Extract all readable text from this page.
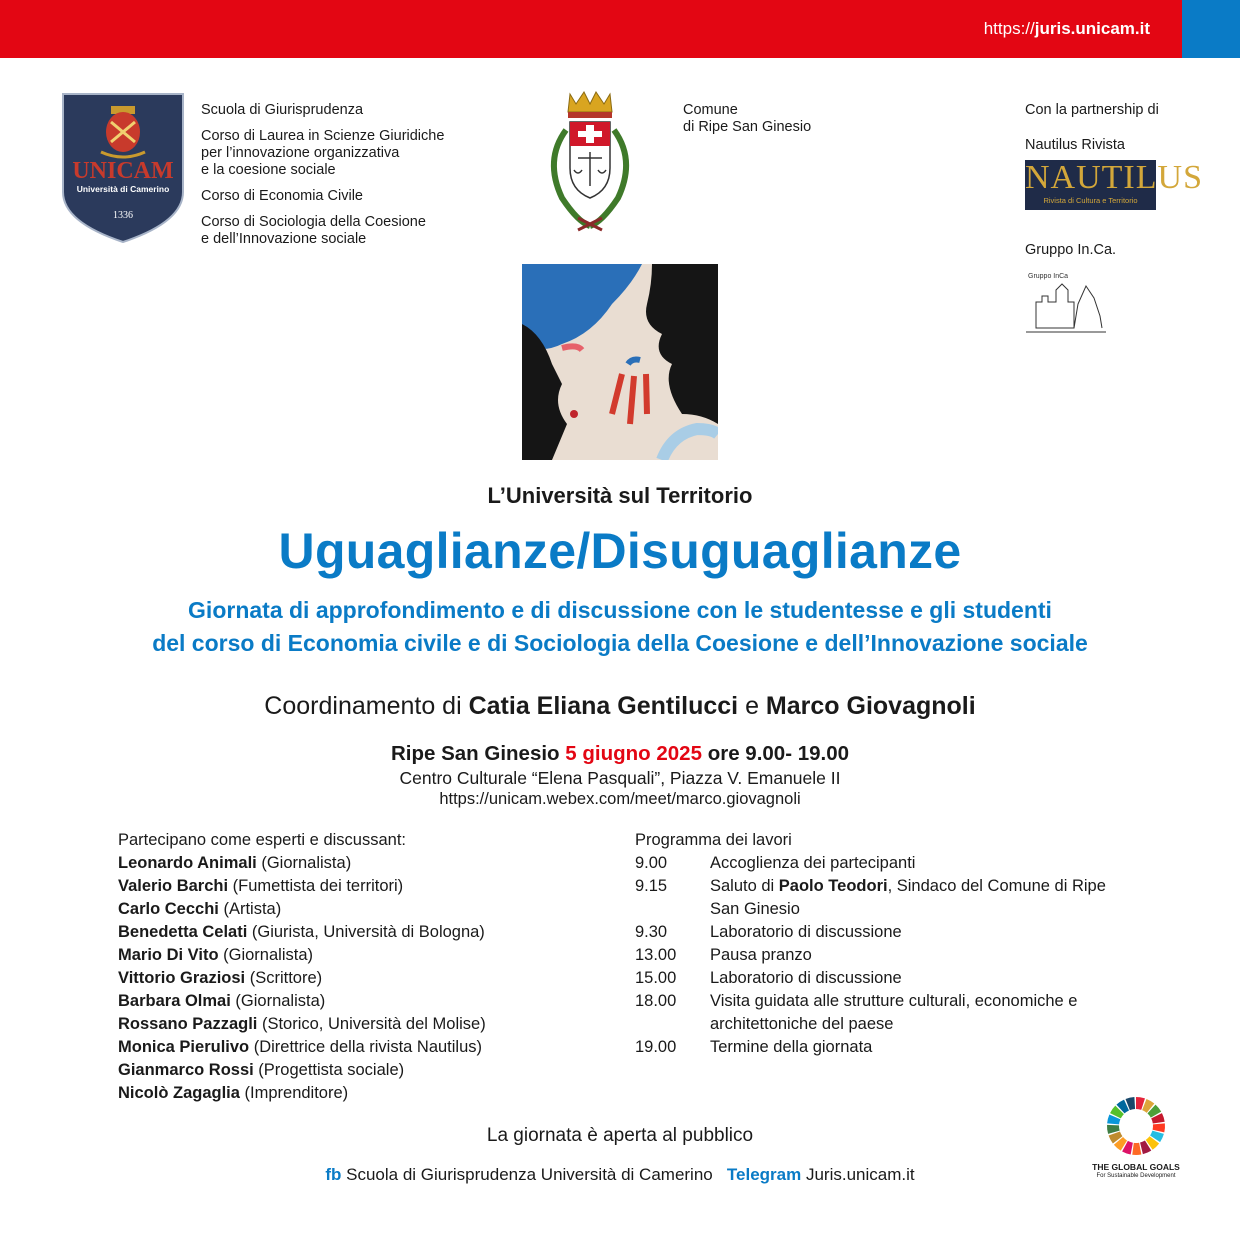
https://juris.unicam.it
UNICAM
Università di Camerino
1336

Scuola di Giurisprudenza

Corso di Laurea in Scienze Giuridiche
per l’innovazione organizzativa
e la coesione sociale

Corso di Economia Civile

Corso di Sociologia della Coesione
e dell’Innovazione sociale

Comune
di Ripe San Ginesio
Con la partnership di
Nautilus Rivista
NAUTILUS
Rivista di Cultura e Territorio
Gruppo In.Ca.
Gruppo InCa
L’Università sul Territorio
Uguaglianze/Disuguaglianze
Giornata di approfondimento e di discussione con le studentesse e gli studenti
del corso di Economia civile e di Sociologia della Coesione e dell’Innovazione sociale
Coordinamento di Catia Eliana Gentilucci e Marco Giovagnoli
Ripe San Ginesio 5 giugno 2025 ore 9.00- 19.00
Centro Culturale “Elena Pasquali”, Piazza V. Emanuele II
https://unicam.webex.com/meet/marco.giovagnoli
Partecipano come esperti e discussant:
Leonardo Animali (Giornalista)
Valerio Barchi (Fumettista dei territori)
Carlo Cecchi (Artista)
Benedetta Celati (Giurista, Università di Bologna)
Mario Di Vito (Giornalista)
Vittorio Graziosi (Scrittore)
Barbara Olmai (Giornalista)
Rossano Pazzagli (Storico, Università del Molise)
Monica Pierulivo (Direttrice della rivista Nautilus)
Gianmarco Rossi (Progettista sociale)
Nicolò Zagaglia (Imprenditore)
Programma dei lavori
9.00	Accoglienza dei partecipanti
9.15	Saluto di Paolo Teodori, Sindaco del Comune di Ripe San Ginesio
9.30	Laboratorio di discussione
13.00	Pausa pranzo
15.00	Laboratorio di discussione
18.00	Visita guidata alle strutture culturali, economiche e architettoniche del paese
19.00	Termine della giornata
La giornata è aperta al pubblico
fb Scuola di Giurisprudenza Università di Camerino Telegram Juris.unicam.it	THE GLOBAL GOALS
For Sustainable Development
